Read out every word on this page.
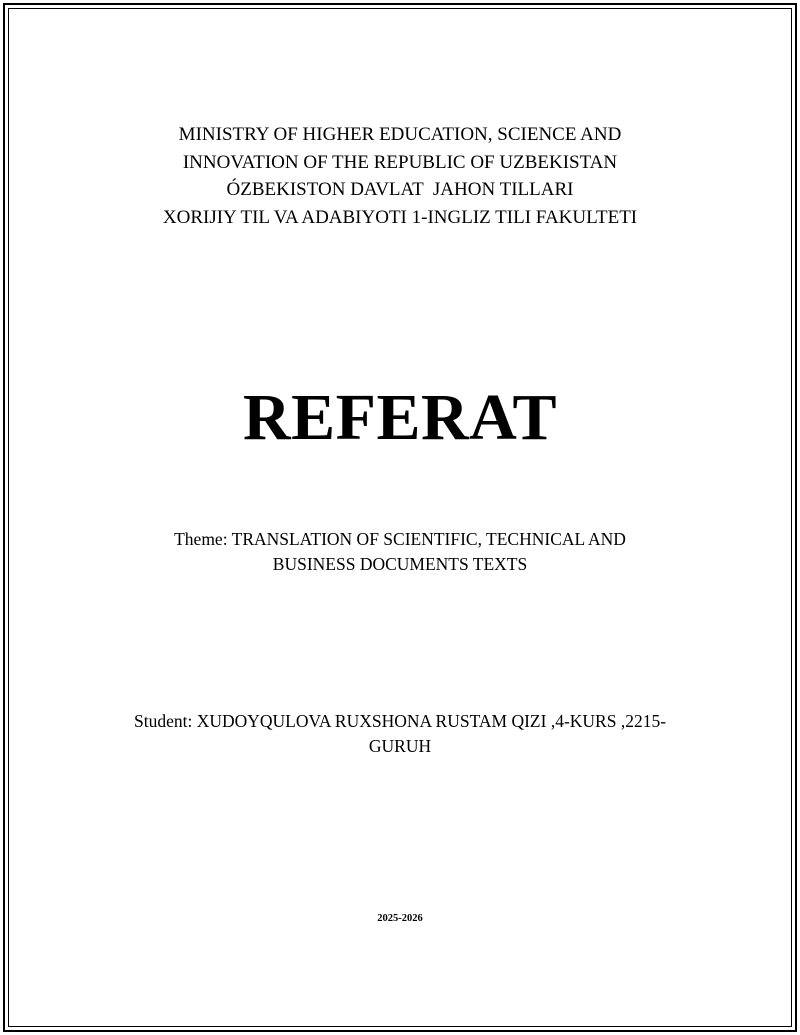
MINISTRY OF HIGHER EDUCATION, SCIENCE AND
INNOVATION OF THE REPUBLIC OF UZBEKISTAN
ÓZBEKISTON DAVLAT  JAHON TILLARI
XORIJIY TIL VA ADABIYOTI 1-INGLIZ TILI FAKULTETI
REFERAT
Theme: TRANSLATION OF SCIENTIFIC, TECHNICAL AND BUSINESS DOCUMENTS TEXTS
Student: XUDOYQULOVA RUXSHONA RUSTAM QIZI ,4-KURS ,2215-GURUH
2025-2026
